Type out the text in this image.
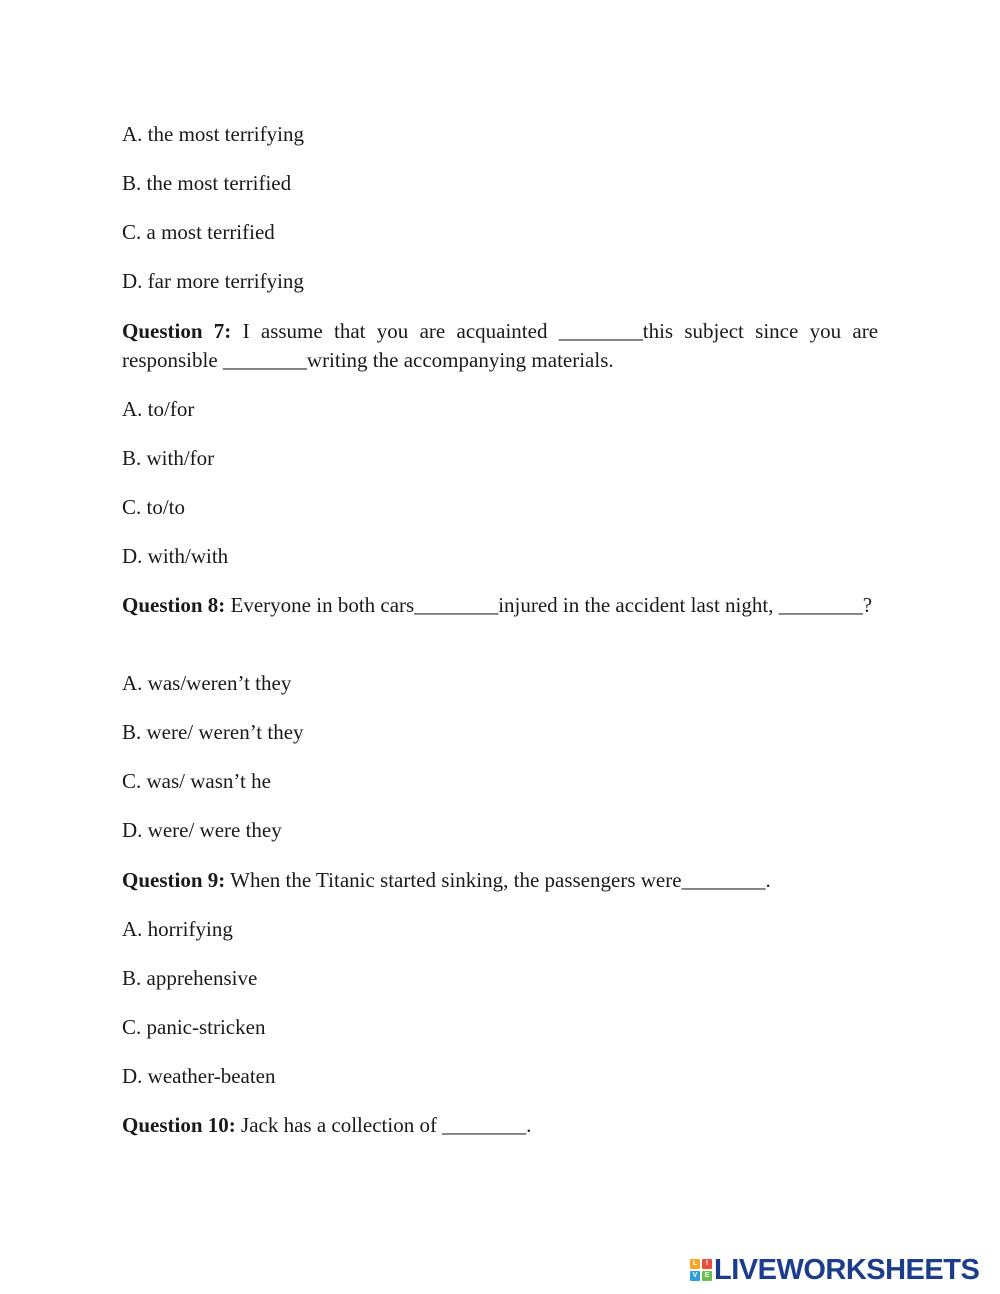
A. the most terrifying
B. the most terrified
C. a most terrified
D. far more terrifying
Question 7: I assume that you are acquainted ________this subject since you are responsible ________writing the accompanying materials.
A. to/for
B. with/for
C. to/to
D. with/with
Question 8: Everyone in both cars________injured in the accident last night, ________?
A. was/weren’t they
B. were/ weren’t they
C. was/ wasn’t he
D. were/ were they
Question 9: When the Titanic started sinking, the passengers were________.
A. horrifying
B. apprehensive
C. panic-stricken
D. weather-beaten
Question 10: Jack has a collection of ________.
L	I
V	E LIVEWORKSHEETS
